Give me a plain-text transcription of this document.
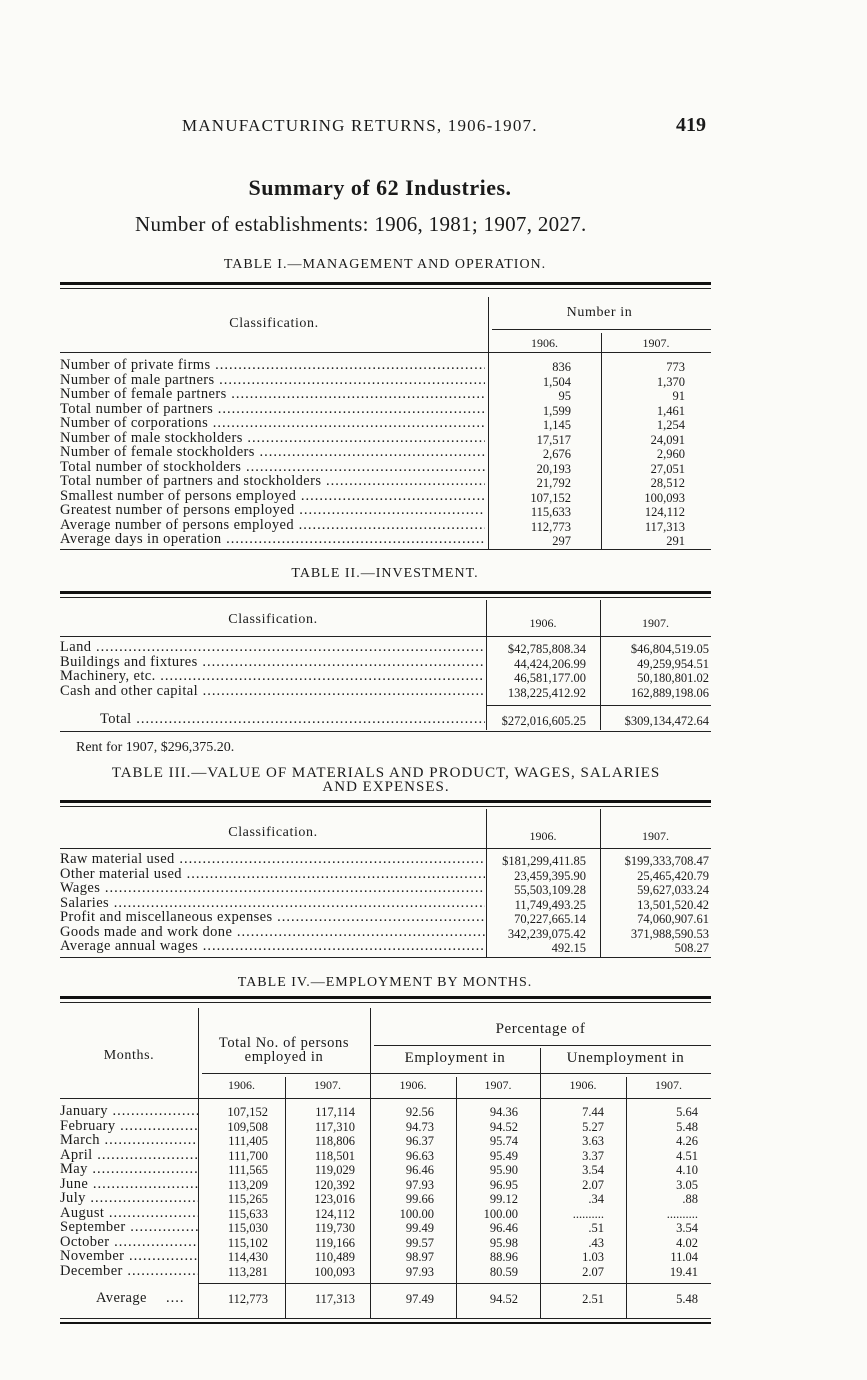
MANUFACTURING RETURNS, 1906-1907.	419
Summary of 62 Industries.
Number of establishments: 1906, 1981; 1907, 2027.
TABLE I.—MANAGEMENT AND OPERATION.
Classification.
Number in
1906.	1907.
Number of private firms .....	836	773
Number of male partners .....	1,504	1,370
Number of female partners .....	95	91
Total number of partners .....	1,599	1,461
Number of corporations .....	1,145	1,254
Number of male stockholders .....	17,517	24,091
Number of female stockholders .....	2,676	2,960
Total number of stockholders .....	20,193	27,051
Total number of partners and stockholders .....	21,792	28,512
Smallest number of persons employed .....	107,152	100,093
Greatest number of persons employed .....	115,633	124,112
Average number of persons employed .....	112,773	117,313
Average days in operation .....	297	291
TABLE II.—INVESTMENT.
Classification.	1906.	1907.
Land .....	$42,785,808.34	$46,804,519.05
Buildings and fixtures .....	44,424,206.99	49,259,954.51
Machinery, etc. .....	46,581,177.00	50,180,801.02
Cash and other capital .....	138,225,412.92	162,889,198.06
Total .....	$272,016,605.25	$309,134,472.64
Rent for 1907, $296,375.20.
TABLE III.—VALUE OF MATERIALS AND PRODUCT, WAGES, SALARIES
AND EXPENSES.
Classification.	1906.	1907.
Raw material used .....	$181,299,411.85	$199,333,708.47
Other material used .....	23,459,395.90	25,465,420.79
Wages .....	55,503,109.28	59,627,033.24
Salaries .....	11,749,493.25	13,501,520.42
Profit and miscellaneous expenses .....	70,227,665.14	74,060,907.61
Goods made and work done .....	342,239,075.42	371,988,590.53
Average annual wages .....	492.15	508.27
TABLE IV.—EMPLOYMENT BY MONTHS.
Months.
Total No. of persons
employed in
Percentage of
Employment in	Unemployment in
1906.	1907.	1906.	1907.	1906.	1907.
January .....	107,152	117,114	92.56	94.36	7.44	5.64
February .....	109,508	117,310	94.73	94.52	5.27	5.48
March .....	111,405	118,806	96.37	95.74	3.63	4.26
April .....	111,700	118,501	96.63	95.49	3.37	4.51
May .....	111,565	119,029	96.46	95.90	3.54	4.10
June .....	113,209	120,392	97.93	96.95	2.07	3.05
July .....	115,265	123,016	99.66	99.12	.34	.88
August .....	115,633	124,112	100.00	100.00	..........	..........
September .....	115,030	119,730	99.49	96.46	.51	3.54
October .....	115,102	119,166	99.57	95.98	.43	4.02
November .....	114,430	110,489	98.97	88.96	1.03	11.04
December .....	113,281	100,093	97.93	80.59	2.07	19.41
Average ....	112,773	117,313	97.49	94.52	2.51	5.48
